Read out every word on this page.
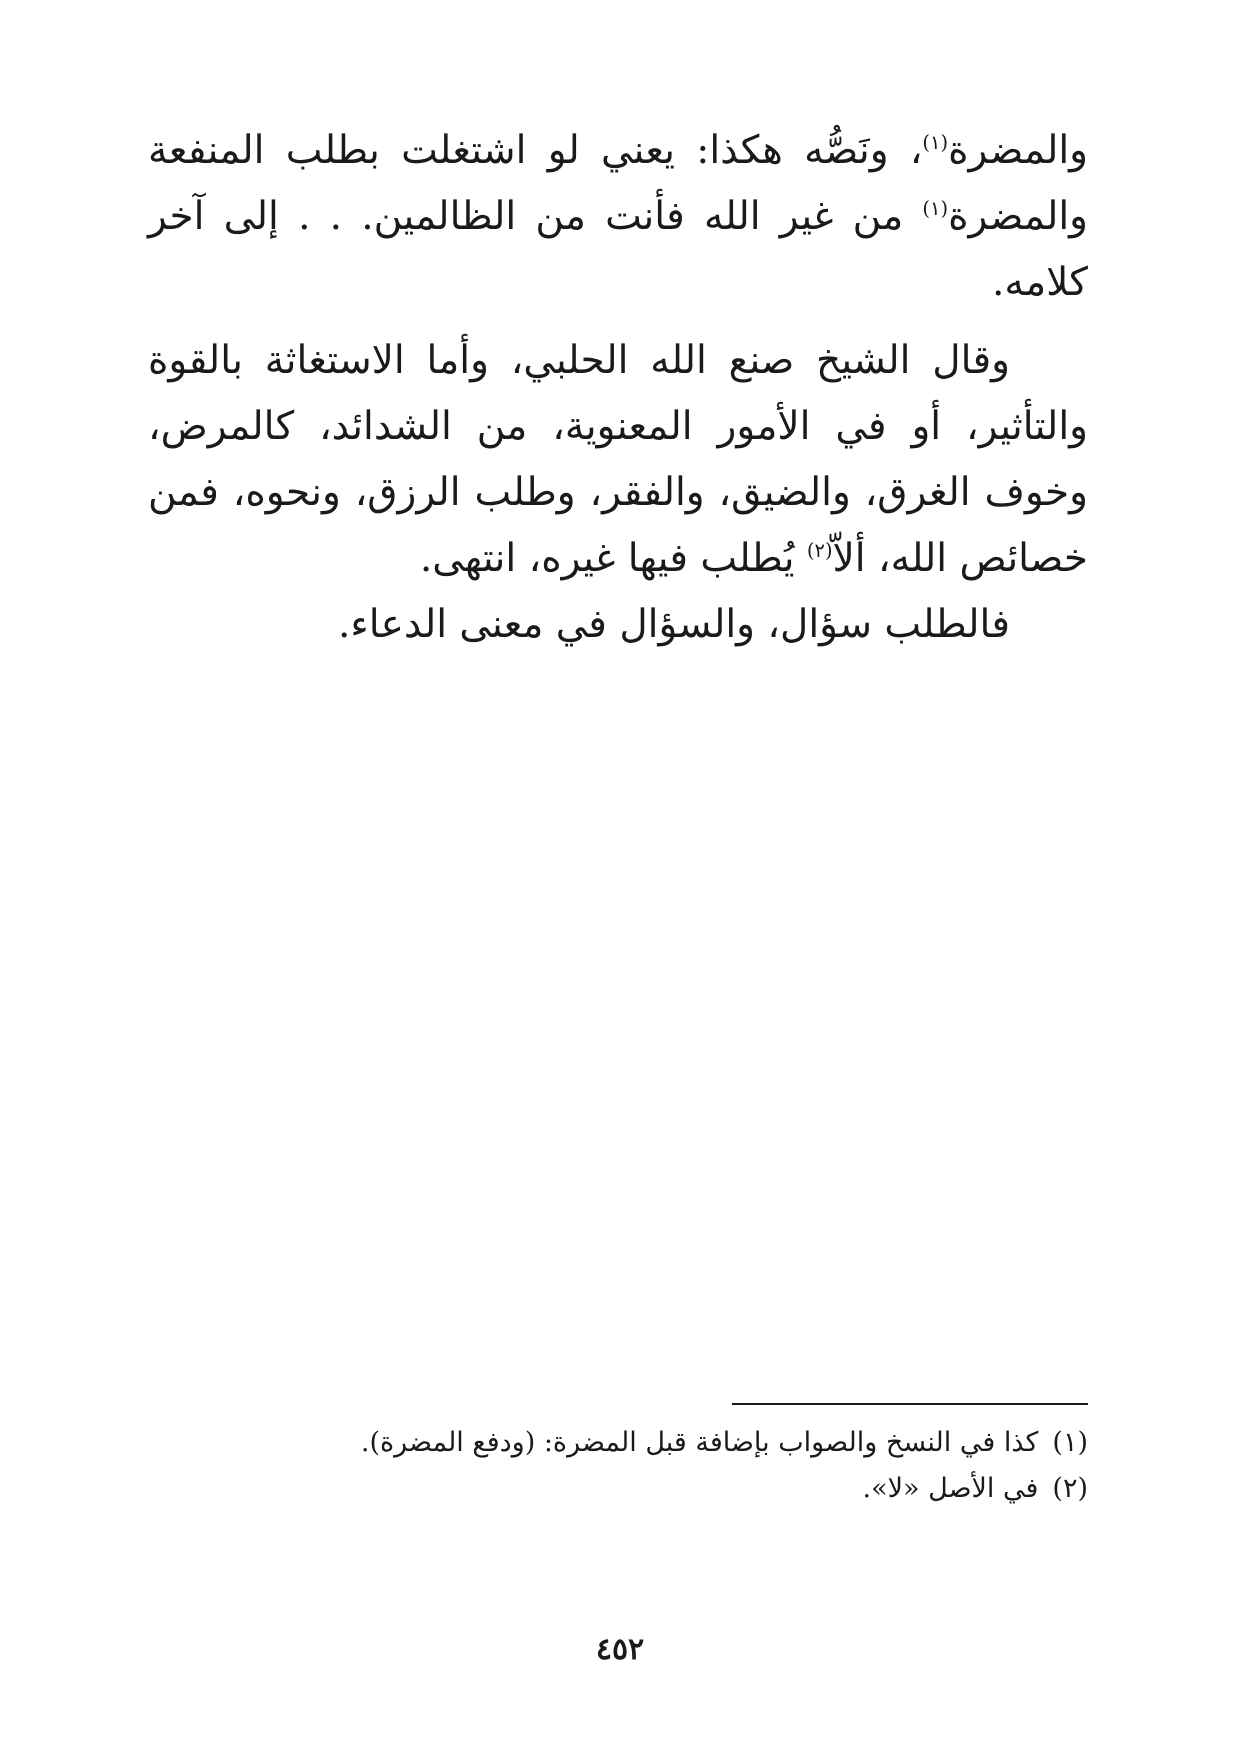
والمضرة$^{(١)}$، ونَصُّه هكذا: يعني لو اشتغلت بطلب المنفعة والمضرة$^{(١)}$ من غير الله فأنت من الظالمين. . . إلى آخر كلامه.

وقال الشيخ صنع الله الحلبي، وأما الاستغاثة بالقوة والتأثير، أو في الأمور المعنوية، من الشدائد، كالمرض، وخوف الغرق، والضيق، والفقر، وطلب الرزق، ونحوه، فمن خصائص الله، ألاّ$^{(٢)}$ يُطلب فيها غيره، انتهى.

فالطلب سؤال، والسؤال في معنى الدعاء.

(١)كذا في النسخ والصواب بإضافة قبل المضرة: (ودفع المضرة).

(٢)في الأصل «لا».

٤٥٢
